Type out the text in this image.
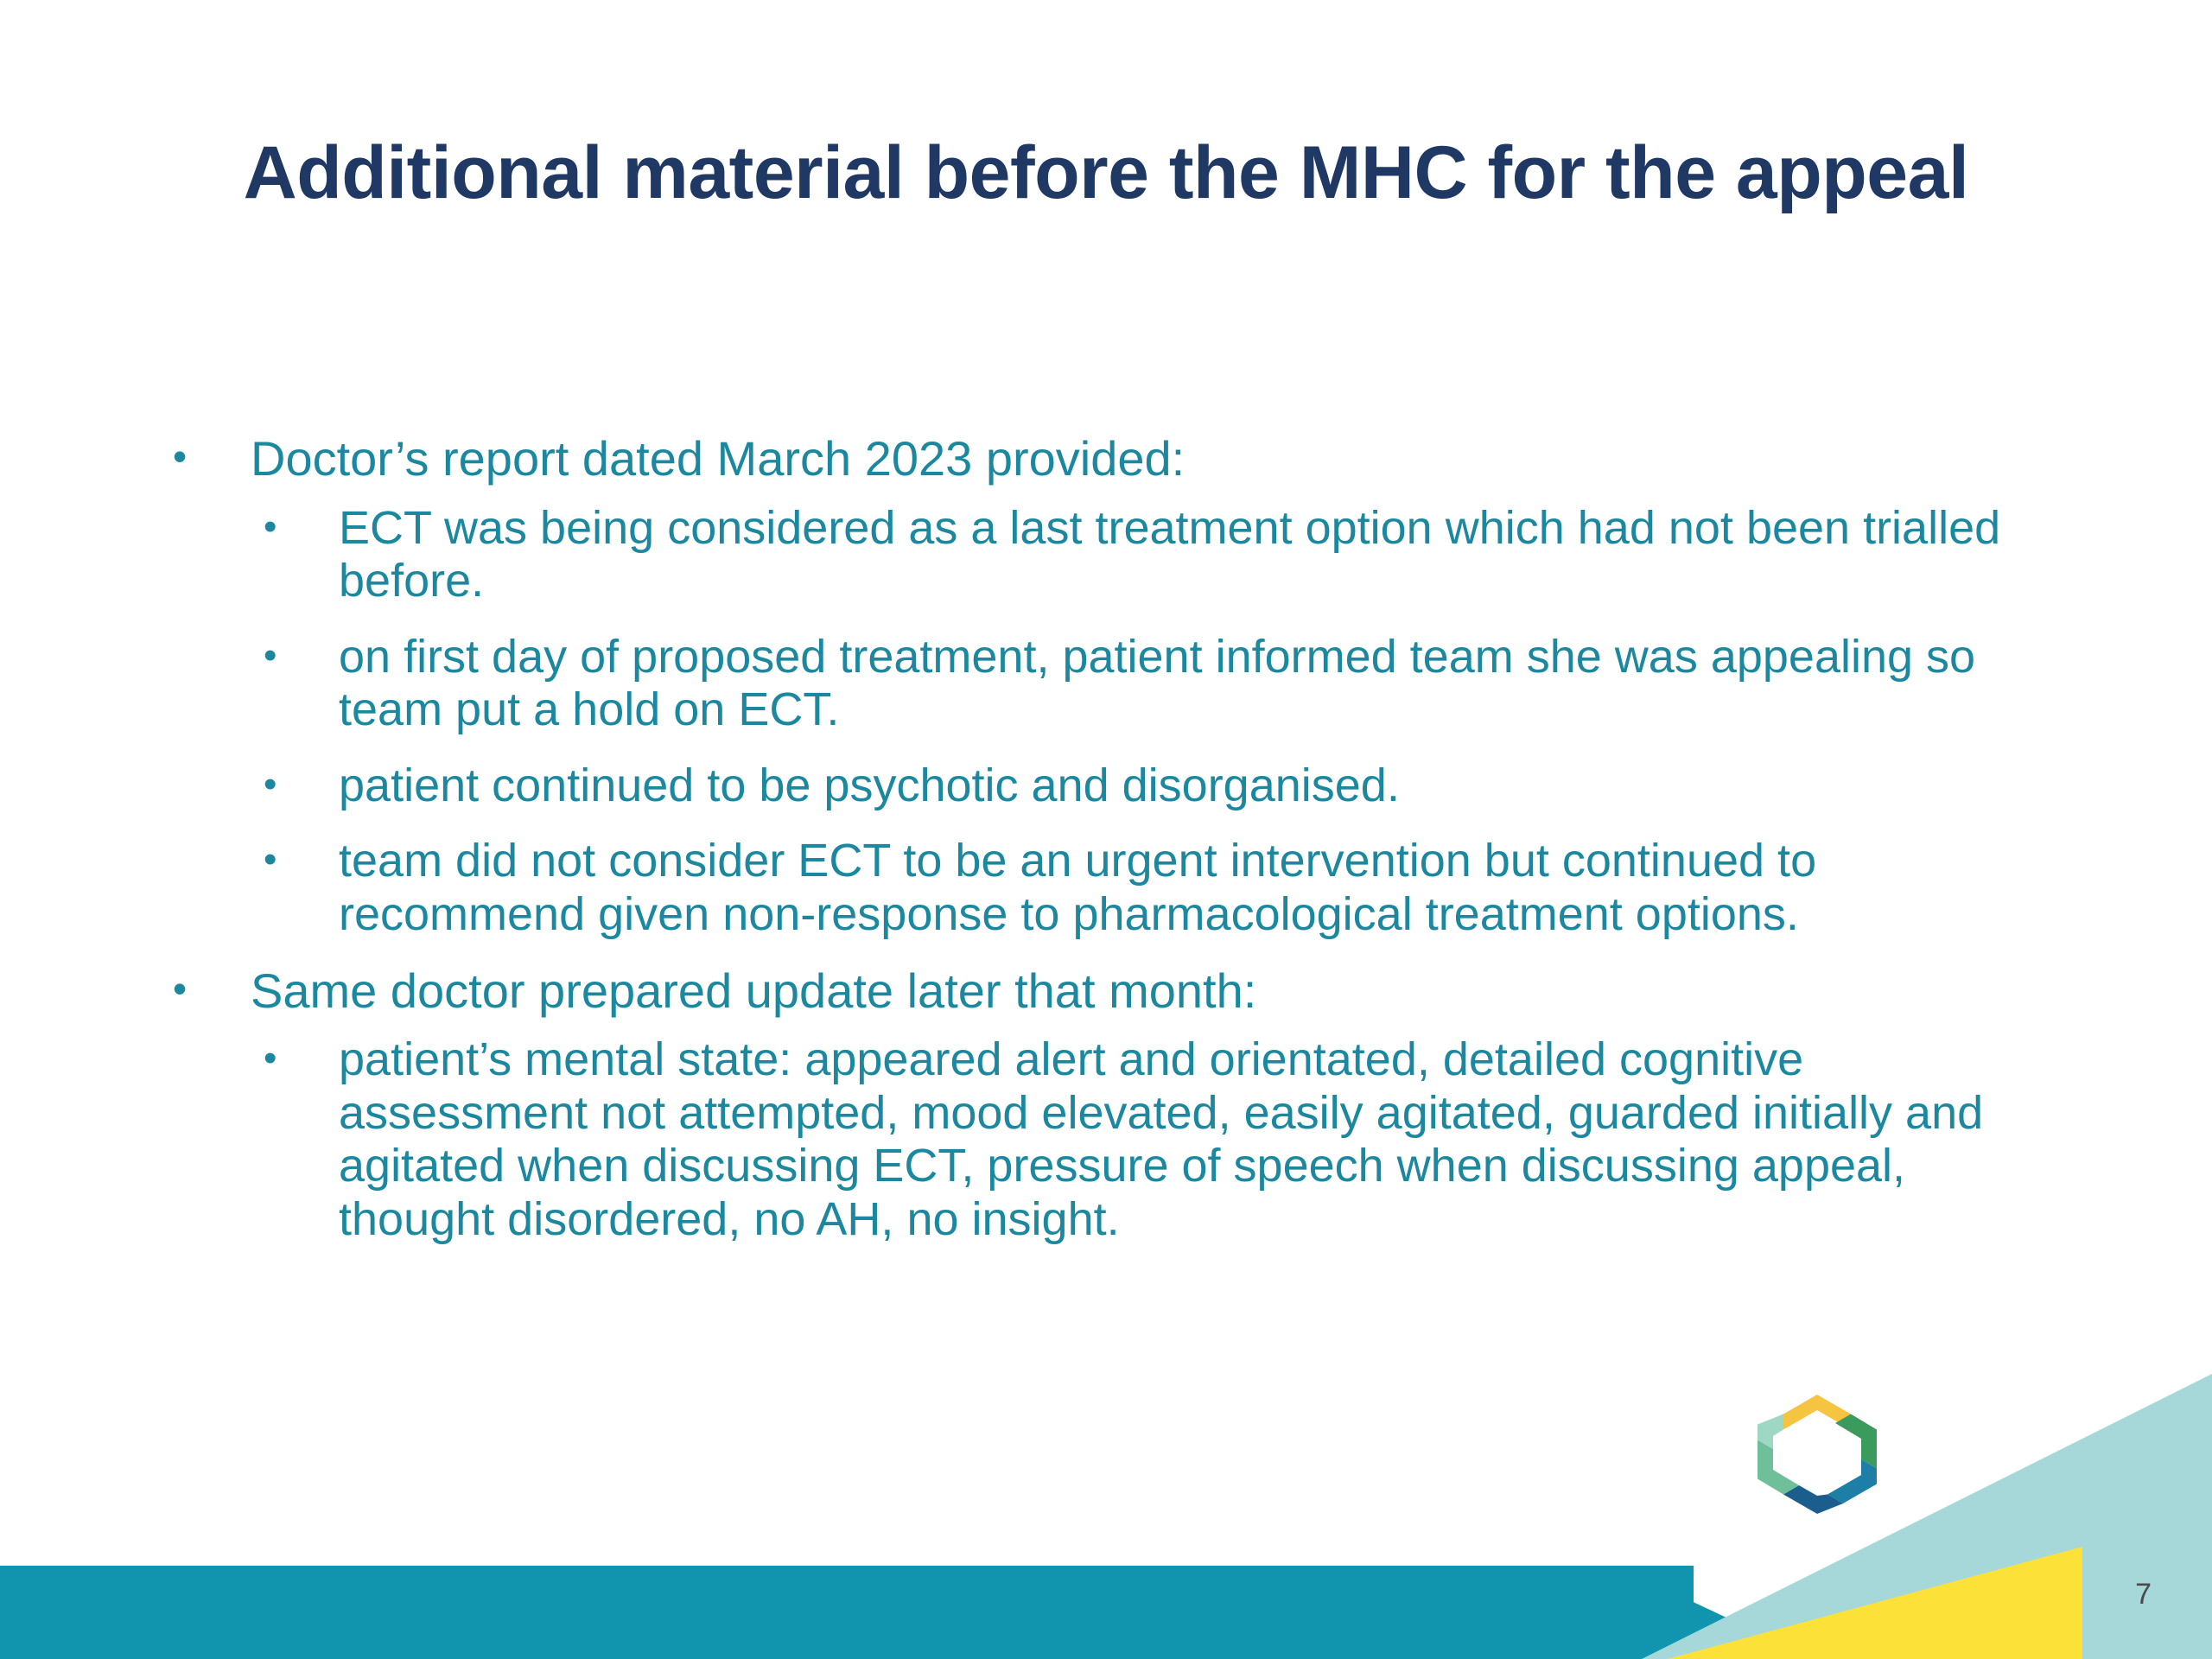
Additional material before the MHC for the appeal
• Doctor’s report dated March 2023 provided:
• ECT was being considered as a last treatment option which had not been trialled before.
• on first day of proposed treatment, patient informed team she was appealing so team put a hold on ECT.
• patient continued to be psychotic and disorganised.
• team did not consider ECT to be an urgent intervention but continued to recommend given non-response to pharmacological treatment options.
• Same doctor prepared update later that month:
• patient’s mental state: appeared alert and orientated, detailed cognitive assessment not attempted, mood elevated, easily agitated, guarded initially and agitated when discussing ECT, pressure of speech when discussing appeal, thought disordered, no AH, no insight.
7
